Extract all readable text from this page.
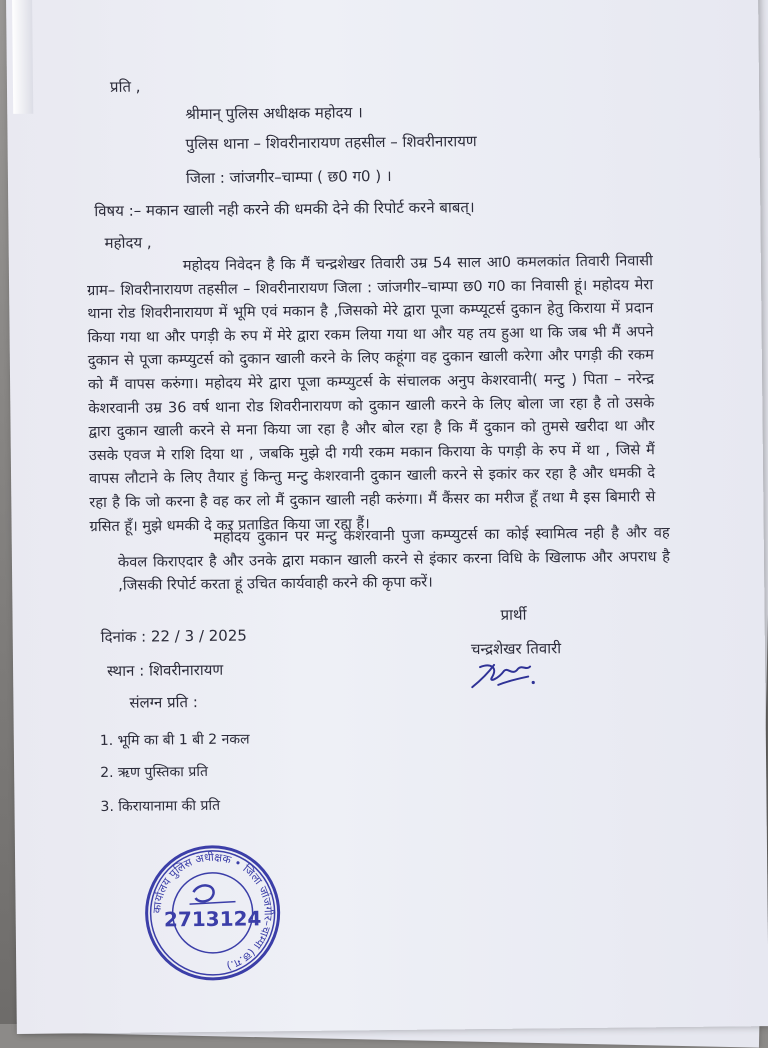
प्रति ,
श्रीमान् पुलिस अधीक्षक महोदय ।
पुलिस थाना – शिवरीनारायण तहसील – शिवरीनारायण
जिला : जांजगीर–चाम्पा ( छ0 ग0 ) ।
विषय :– मकान खाली नही करने की धमकी देने की रिपोर्ट करने बाबत्।
महोदय ,
महोदय निवेदन है कि मैं चन्द्रशेखर तिवारी उम्र 54 साल आ0 कमलकांत तिवारी निवासी ग्राम– शिवरीनारायण तहसील – शिवरीनारायण जिला : जांजगीर–चाम्पा छ0 ग0 का निवासी हूं। महोदय मेरा थाना रोड शिवरीनारायण में भूमि एवं मकान है ,जिसको मेरे द्वारा पूजा कम्प्यूटर्स दुकान हेतु किराया में प्रदान किया गया था और पगड़ी के रुप में मेरे द्वारा रकम लिया गया था और यह तय हुआ था कि जब भी मैं अपने दुकान से पूजा कम्प्युटर्स को दुकान खाली करने के लिए कहूंगा वह दुकान खाली करेगा और पगड़ी की रकम को मैं वापस करुंगा। महोदय मेरे द्वारा पूजा कम्प्युटर्स के संचालक अनुप केशरवानी( मन्टु ) पिता – नरेन्द्र केशरवानी उम्र 36 वर्ष थाना रोड शिवरीनारायण को दुकान खाली करने के लिए बोला जा रहा है तो उसके द्वारा दुकान खाली करने से मना किया जा रहा है और बोल रहा है कि मैं दुकान को तुमसे खरीदा था और उसके एवज मे राशि दिया था , जबकि मुझे दी गयी रकम मकान किराया के पगड़ी के रुप में था , जिसे मैं वापस लौटाने के लिए तैयार हुं किन्तु मन्टु केशरवानी दुकान खाली करने से इकांर कर रहा है और धमकी दे रहा है कि जो करना है वह कर लो मैं दुकान खाली नही करुंगा। मैं कैंसर का मरीज हूँ तथा मै इस बिमारी से ग्रसित हूँ। मुझे धमकी दे कर प्रताडित किया जा रहा हैं।
महोदय दुकान पर मन्टु केशरवानी पुजा कम्प्युटर्स का कोई स्वामित्व नही है और वह केवल किराएदार है और उनके द्वारा मकान खाली करने से इंकार करना विधि के खिलाफ और अपराध है ,जिसकी रिपोर्ट करता हूं उचित कार्यवाही करने की कृपा करें।
प्रार्थी
दिनांक : 22 / 3 / 2025
चन्द्रशेखर तिवारी
स्थान : शिवरीनारायण
संलग्न प्रति :
1. भूमि का बी 1 बी 2 नकल
2. ऋण पुस्तिका प्रति
3. किरायानामा की प्रति
कार्यालय पुलिस अधीक्षक • जिला जांजगीर–चाम्पा (छ.ग.)
2713124
